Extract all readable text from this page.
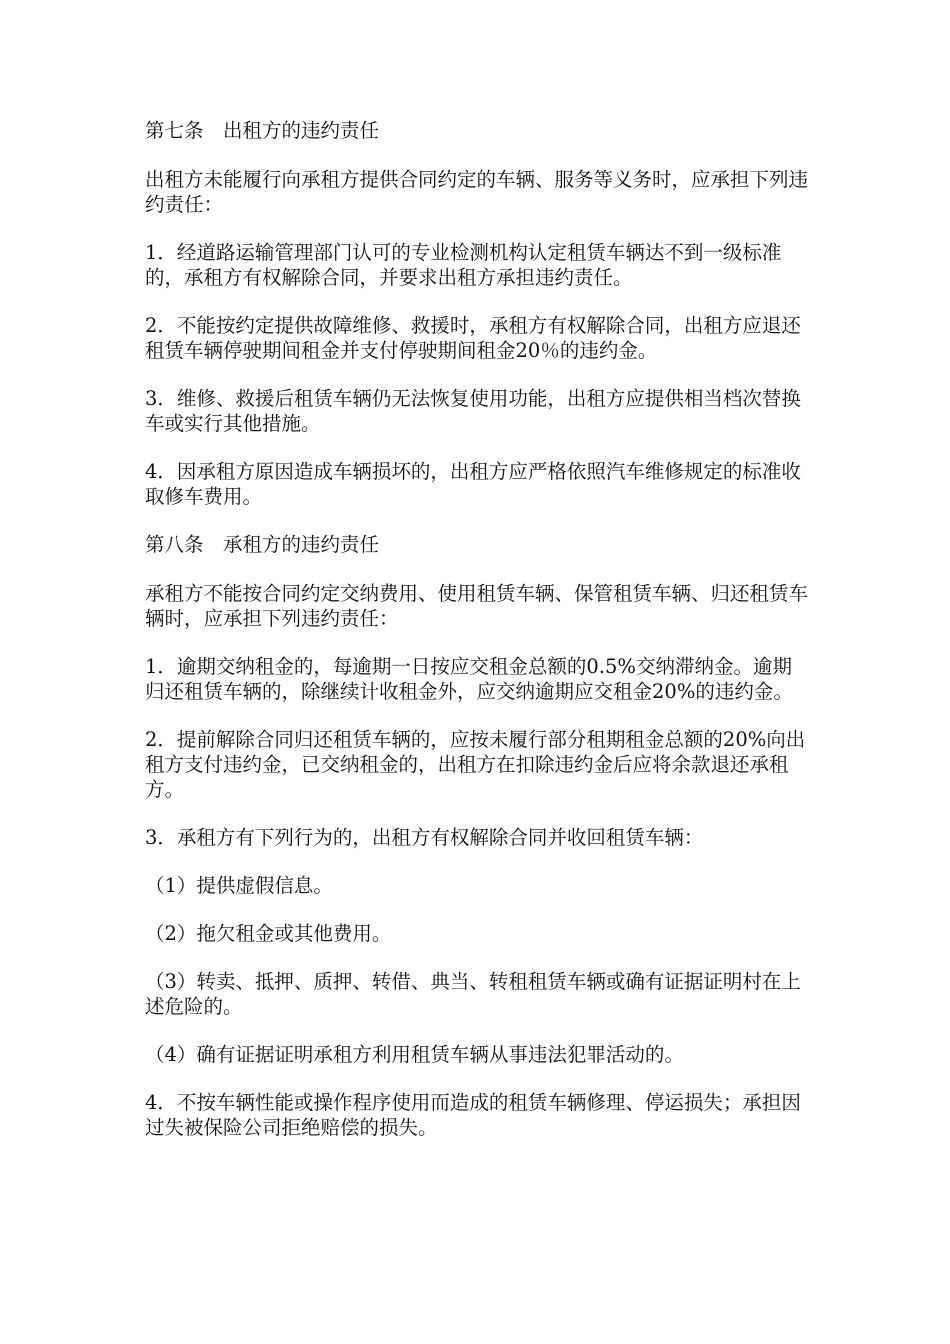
第七条　出租方的违约责任

出租方未能履行向承租方提供合同约定的车辆、服务等义务时，应承担下列违约责任：

1．经道路运输管理部门认可的专业检测机构认定租赁车辆达不到一级标准的，承租方有权解除合同，并要求出租方承担违约责任。

2．不能按约定提供故障维修、救援时，承租方有权解除合同，出租方应退还租赁车辆停驶期间租金并支付停驶期间租金20％的违约金。

3．维修、救援后租赁车辆仍无法恢复使用功能，出租方应提供相当档次替换车或实行其他措施。

4．因承租方原因造成车辆损坏的，出租方应严格依照汽车维修规定的标准收取修车费用。

第八条　承租方的违约责任

承租方不能按合同约定交纳费用、使用租赁车辆、保管租赁车辆、归还租赁车辆时，应承担下列违约责任：

1．逾期交纳租金的，每逾期一日按应交租金总额的0.5%交纳滞纳金。逾期归还租赁车辆的，除继续计收租金外，应交纳逾期应交租金20%的违约金。

2．提前解除合同归还租赁车辆的，应按未履行部分租期租金总额的20%向出租方支付违约金，已交纳租金的，出租方在扣除违约金后应将余款退还承租方。

3．承租方有下列行为的，出租方有权解除合同并收回租赁车辆：

（1）提供虚假信息。

（2）拖欠租金或其他费用。

（3）转卖、抵押、质押、转借、典当、转租租赁车辆或确有证据证明村在上述危险的。

（4）确有证据证明承租方利用租赁车辆从事违法犯罪活动的。

4．不按车辆性能或操作程序使用而造成的租赁车辆修理、停运损失；承担因过失被保险公司拒绝赔偿的损失。
